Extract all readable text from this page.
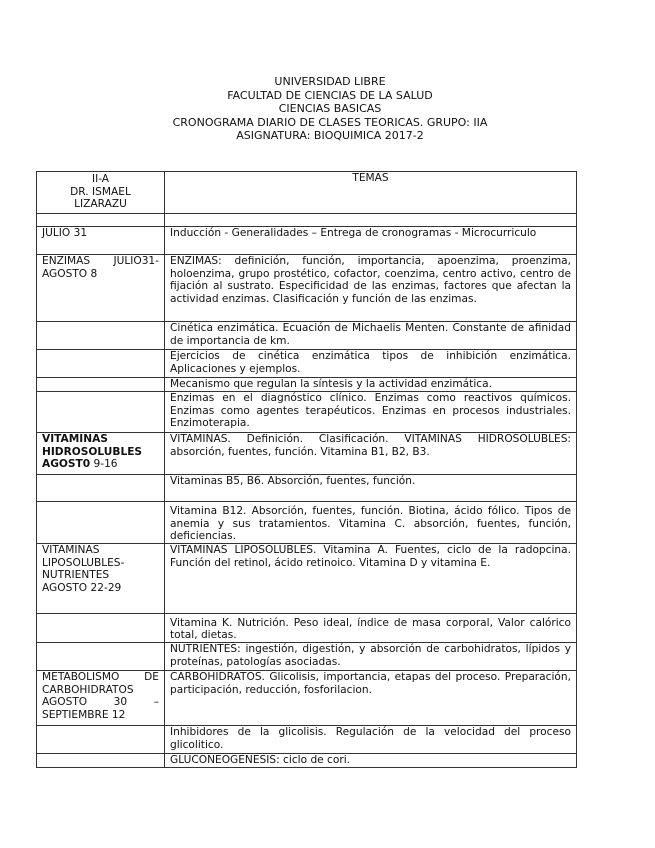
UNIVERSIDAD LIBRE
FACULTAD DE CIENCIAS DE LA SALUD
CIENCIAS BASICAS
CRONOGRAMA DIARIO DE CLASES TEORICAS. GRUPO: IIA
ASIGNATURA: BIOQUIMICA 2017-2
II-A
DR. ISMAEL
LIZARAZU	TEMAS

JULIO 31	Inducción - Generalidades – Entrega de cronogramas - Microcurriculo
ENZIMAS JULIO31- AGOSTO 8	ENZIMAS: definición, función, importancia, apoenzima, proenzima, holoenzima, grupo prostético, cofactor, coenzima, centro activo, centro de fijación al sustrato. Especificidad de las enzimas, factores que afectan la actividad enzimas. Clasificación y función de las enzimas.
	Cinética enzimática. Ecuación de Michaelis Menten. Constante de afinidad de importancia de km.
	Ejercicios de cinética enzimática tipos de inhibición enzimática. Aplicaciones y ejemplos.
	Mecanismo que regulan la síntesis y la actividad enzimática.
	Enzimas en el diagnóstico clínico. Enzimas como reactivos químicos. Enzimas como agentes terapéuticos. Enzimas en procesos industriales. Enzimoterapia.
VITAMINAS HIDROSOLUBLES AGOST0 9-16	VITAMINAS. Definición. Clasificación. VITAMINAS HIDROSOLUBLES: absorción, fuentes, función. Vitamina B1, B2, B3.
	Vitaminas B5, B6. Absorción, fuentes, función.
	Vitamina B12. Absorción, fuentes, función. Biotina, ácido fólico. Tipos de anemia y sus tratamientos. Vitamina C. absorción, fuentes, función, deficiencias.
VITAMINAS
LIPOSOLUBLES-
NUTRIENTES
AGOSTO 22-29	VITAMINAS LIPOSOLUBLES. Vitamina A. Fuentes, ciclo de la radopcina. Función del retinol, ácido retinoico. Vitamina D y vitamina E.
	Vitamina K. Nutrición. Peso ideal, índice de masa corporal, Valor calórico total, dietas.
	NUTRIENTES: ingestión, digestión, y absorción de carbohidratos, lípidos y proteínas, patologías asociadas.
METABOLISMO DE CARBOHIDRATOS AGOSTO 30 – SEPTIEMBRE 12	CARBOHIDRATOS. Glicolisis, importancia, etapas del proceso. Preparación, participación, reducción, fosforilacion.
	Inhibidores de la glicolisis. Regulación de la velocidad del proceso glicolitico.
	GLUCONEOGENESIS: ciclo de cori.
